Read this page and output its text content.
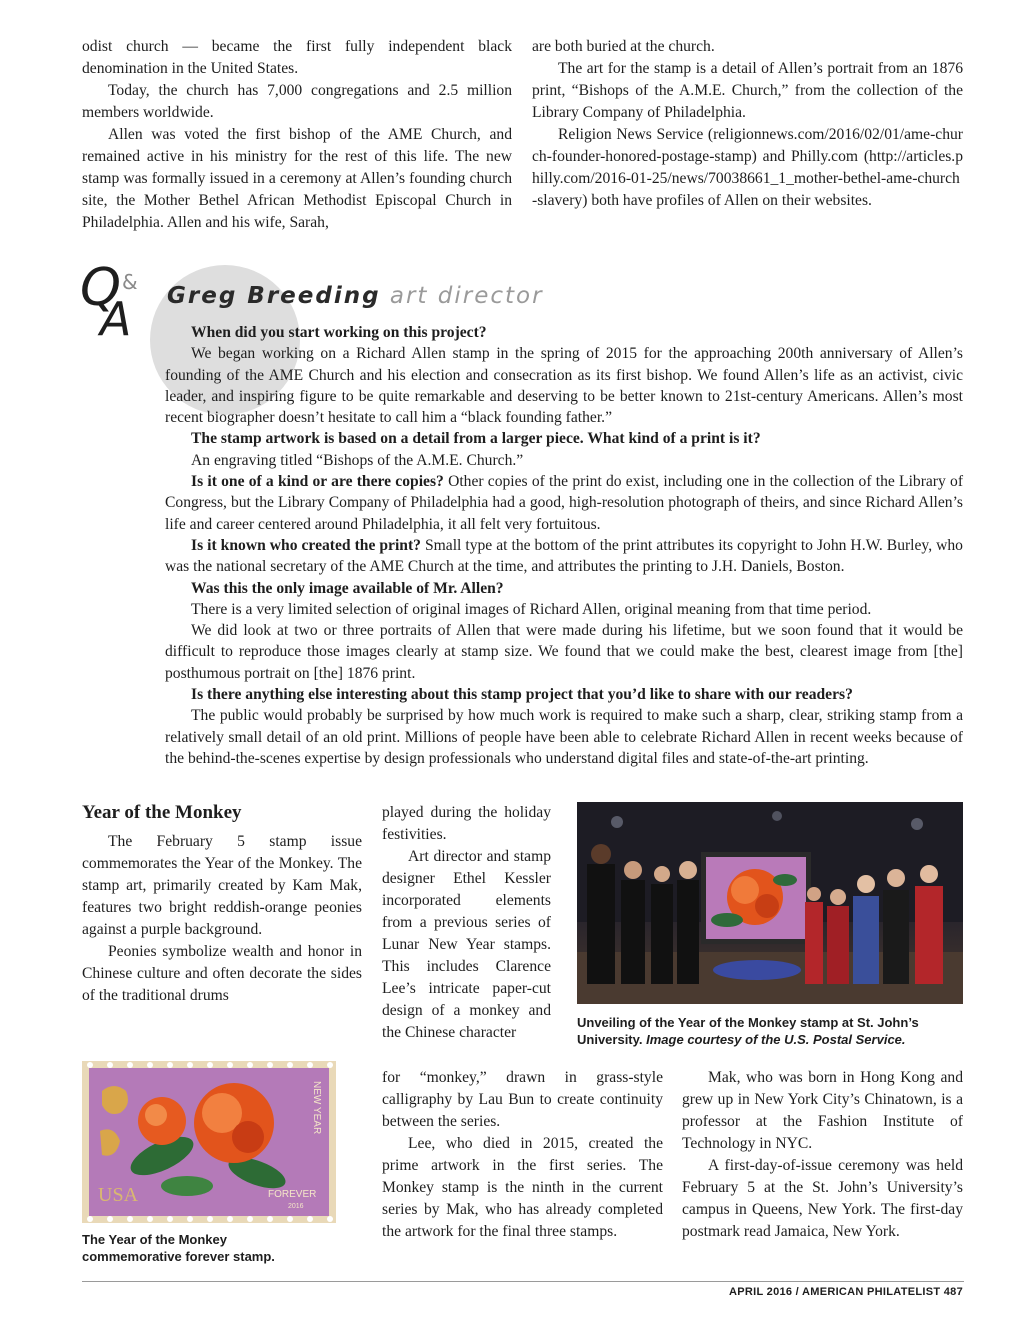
odist church — became the first fully independent black denomination in the United States.

Today, the church has 7,000 congregations and 2.5 million members worldwide.

Allen was voted the first bishop of the AME Church, and remained active in his ministry for the rest of this life. The new stamp was formally issued in a ceremony at Allen’s founding church site, the Mother Bethel African Methodist Episcopal Church in Philadelphia. Allen and his wife, Sarah,

are both buried at the church.

The art for the stamp is a detail of Allen’s portrait from an 1876 print, “Bishops of the A.M.E. Church,” from the collection of the Library Company of Philadelphia.

Religion News Service (religionnews.com/2016/02/01/ame-church-founder-honored-postage-stamp) and Philly.com (http://articles.philly.com/2016-01-25/news/70038661_1_mother-bethel-ame-church-slavery) both have profiles of Allen on their websites.

Q &
A Greg Breeding art director

When did you start working on this project?

We began working on a Richard Allen stamp in the spring of 2015 for the approaching 200th anniversary of Allen’s founding of the AME Church and his election and consecration as its first bishop. We found Allen’s life as an activist, civic leader, and inspiring figure to be quite remarkable and deserving to be better known to 21st-century Americans. Allen’s most recent biographer doesn’t hesitate to call him a “black founding father.”

The stamp artwork is based on a detail from a larger piece. What kind of a print is it?

An engraving titled “Bishops of the A.M.E. Church.”

Is it one of a kind or are there copies? Other copies of the print do exist, including one in the collection of the Library of Congress, but the Library Company of Philadelphia had a good, high-resolution photograph of theirs, and since Richard Allen’s life and career centered around Philadelphia, it all felt very fortuitous.

Is it known who created the print? Small type at the bottom of the print attributes its copyright to John H.W. Burley, who was the national secretary of the AME Church at the time, and attributes the printing to J.H. Daniels, Boston.

Was this the only image available of Mr. Allen?

There is a very limited selection of original images of Richard Allen, original meaning from that time period.

We did look at two or three portraits of Allen that were made during his lifetime, but we soon found that it would be difficult to reproduce those images clearly at stamp size. We found that we could make the best, clearest image from [the] posthumous portrait on [the] 1876 print.

Is there anything else interesting about this stamp project that you’d like to share with our readers?

The public would probably be surprised by how much work is required to make such a sharp, clear, striking stamp from a relatively small detail of an old print. Millions of people have been able to celebrate Richard Allen in recent weeks because of the behind-the-scenes expertise by design professionals who understand digital files and state-of-the-art printing.

Year of the Monkey

The February 5 stamp issue commemorates the Year of the Monkey. The stamp art, primarily created by Kam Mak, features two bright reddish-orange peonies against a purple background.

Peonies symbolize wealth and honor in Chinese culture and often decorate the sides of the traditional drums

played during the holiday festivities.

Art director and stamp designer Ethel Kessler incorporated elements from a previous series of Lunar New Year stamps. This includes Clarence Lee’s intricate paper-cut design of a monkey and the Chinese character

for “monkey,” drawn in grass-style calligraphy by Lau Bun to create continuity between the series.

Lee, who died in 2015, created the prime artwork in the first series. The Monkey stamp is the ninth in the current series by Mak, who has already completed the artwork for the final three stamps.

Mak, who was born in Hong Kong and grew up in New York City’s Chinatown, is a professor at the Fashion Institute of Technology in NYC.

A first-day-of-issue ceremony was held February 5 at the St. John’s University’s campus in Queens, New York. The first-day postmark read Jamaica, New York.

Unveiling of the Year of the Monkey stamp at St. John’s University. Image courtesy of the U.S. Postal Service.
USA	FOREVER
2016
NEW YEAR
The Year of the Monkey commemorative forever stamp.
APRIL 2016 / AMERICAN PHILATELIST 487
